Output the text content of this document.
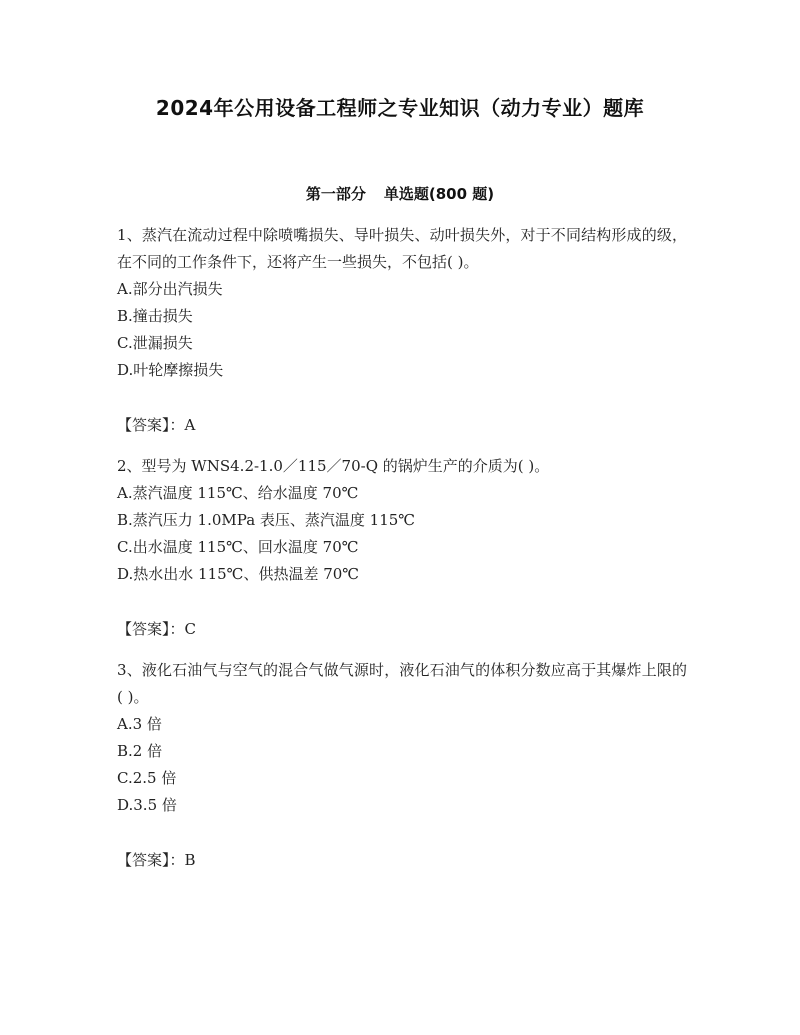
2024年公用设备工程师之专业知识（动力专业）题库
第一部分 单选题(800 题)

1、蒸汽在流动过程中除喷嘴损失、导叶损失、动叶损失外，对于不同结构形成的级，在不同的工作条件下，还将产生一些损失，不包括( )。

A.部分出汽损失

B.撞击损失

C.泄漏损失

D.叶轮摩擦损失

【答案】：A

2、型号为 WNS4.2-1.0／115／70-Q 的锅炉生产的介质为( )。

A.蒸汽温度 115℃、给水温度 70℃

B.蒸汽压力 1.0MPa 表压、蒸汽温度 115℃

C.出水温度 115℃、回水温度 70℃

D.热水出水 115℃、供热温差 70℃

【答案】：C

3、液化石油气与空气的混合气做气源时，液化石油气的体积分数应高于其爆炸上限的( )。

A.3 倍

B.2 倍

C.2.5 倍

D.3.5 倍

【答案】：B
